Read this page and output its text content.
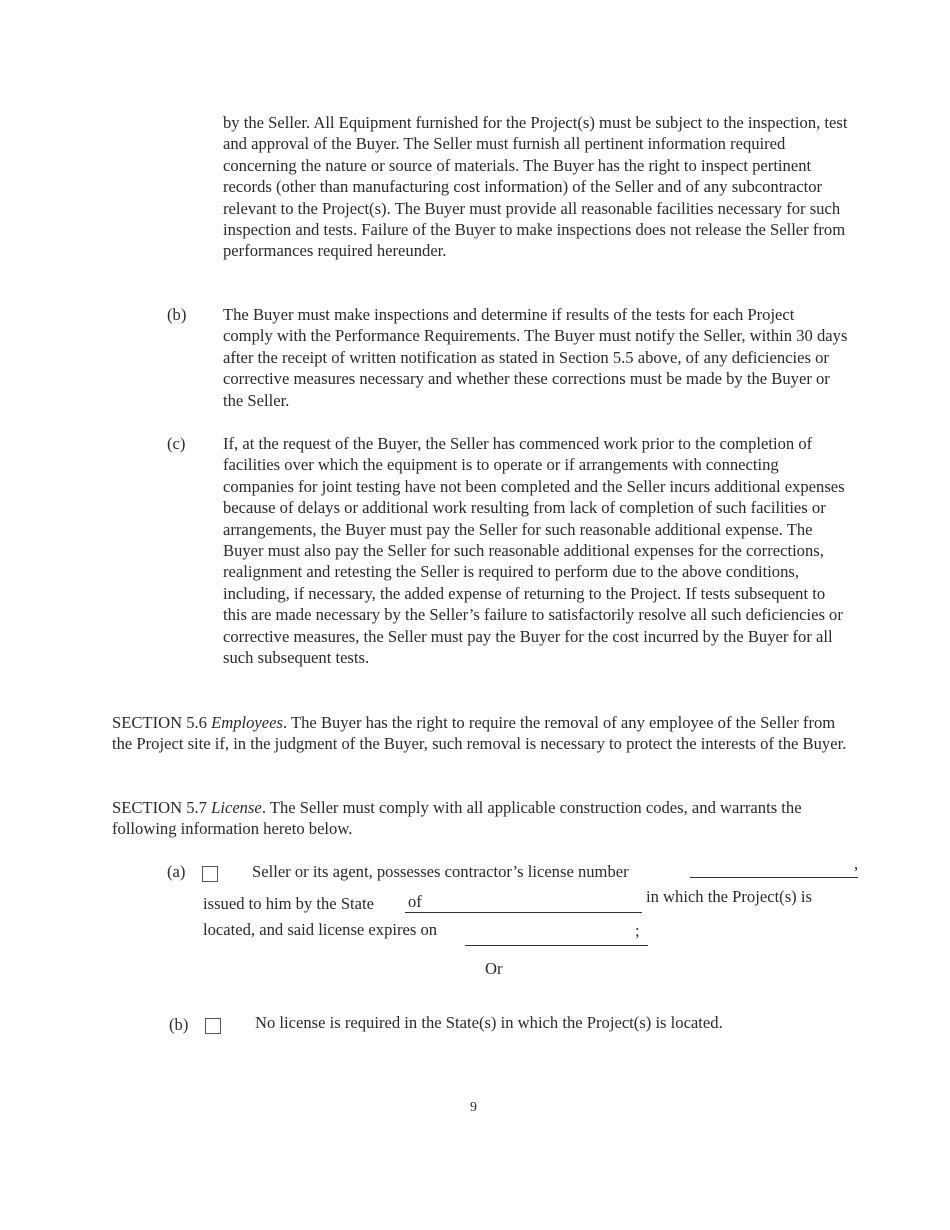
by the Seller. All Equipment furnished for the Project(s) must be subject to the inspection, test and approval of the Buyer. The Seller must furnish all pertinent information required concerning the nature or source of materials. The Buyer has the right to inspect pertinent records (other than manufacturing cost information) of the Seller and of any subcontractor relevant to the Project(s). The Buyer must provide all reasonable facilities necessary for such inspection and tests. Failure of the Buyer to make inspections does not release the Seller from performances required hereunder.

(b) The Buyer must make inspections and determine if results of the tests for each Project comply with the Performance Requirements. The Buyer must notify the Seller, within 30 days after the receipt of written notification as stated in Section 5.5 above, of any deficiencies or corrective measures necessary and whether these corrections must be made by the Buyer or the Seller.

(c) If, at the request of the Buyer, the Seller has commenced work prior to the completion of facilities over which the equipment is to operate or if arrangements with connecting companies for joint testing have not been completed and the Seller incurs additional expenses because of delays or additional work resulting from lack of completion of such facilities or arrangements, the Buyer must pay the Seller for such reasonable additional expense. The Buyer must also pay the Seller for such reasonable additional expenses for the corrections, realignment and retesting the Seller is required to perform due to the above conditions, including, if necessary, the added expense of returning to the Project. If tests subsequent to this are made necessary by the Seller’s failure to satisfactorily resolve all such deficiencies or corrective measures, the Seller must pay the Buyer for the cost incurred by the Buyer for all such subsequent tests.

SECTION 5.6 Employees. The Buyer has the right to require the removal of any employee of the Seller from the Project site if, in the judgment of the Buyer, such removal is necessary to protect the interests of the Buyer.

SECTION 5.7 License. The Seller must comply with all applicable construction codes, and warrants the following information hereto below.

(a)	Seller or its agent, possesses contractor’s license number	,
issued to him by the State of	in which the Project(s) is
located, and said license expires on	;
Or
(b)	No license is required in the State(s) in which the Project(s) is located.
9
